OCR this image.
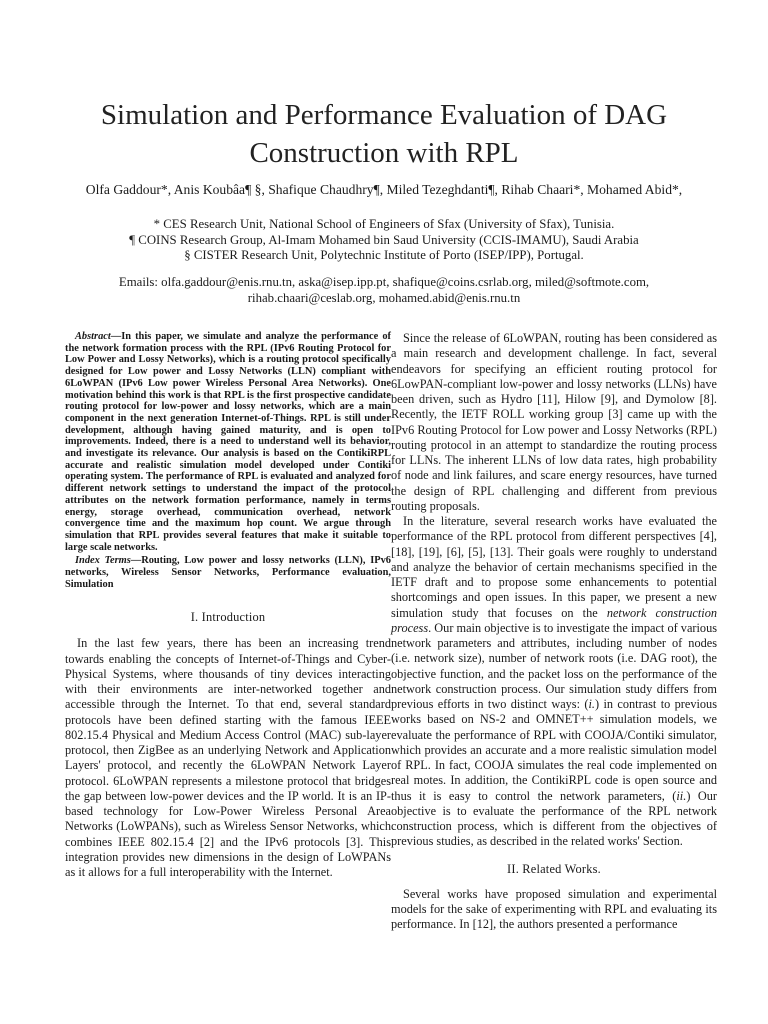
Simulation and Performance Evaluation of DAG
Construction with RPL
Olfa Gaddour*, Anis Koubâa¶ §, Shafique Chaudhry¶, Miled Tezeghdanti¶, Rihab Chaari*, Mohamed Abid*,
* CES Research Unit, National School of Engineers of Sfax (University of Sfax), Tunisia.
¶ COINS Research Group, Al-Imam Mohamed bin Saud University (CCIS-IMAMU), Saudi Arabia
§ CISTER Research Unit, Polytechnic Institute of Porto (ISEP/IPP), Portugal.
Emails: olfa.gaddour@enis.rnu.tn, aska@isep.ipp.pt, shafique@coins.csrlab.org, miled@softmote.com,
rihab.chaari@ceslab.org, mohamed.abid@enis.rnu.tn

Abstract—In this paper, we simulate and analyze the performance of the network formation process with the RPL (IPv6 Routing Protocol for Low Power and Lossy Networks), which is a routing protocol specifically designed for Low power and Lossy Networks (LLN) compliant with 6LoWPAN (IPv6 Low power Wireless Personal Area Networks). One motivation behind this work is that RPL is the first prospective candidate routing protocol for low-power and lossy networks, which are a main component in the next generation Internet-of-Things. RPL is still under development, although having gained maturity, and is open to improvements. Indeed, there is a need to understand well its behavior, and investigate its relevance. Our analysis is based on the ContikiRPL accurate and realistic simulation model developed under Contiki operating system. The performance of RPL is evaluated and analyzed for different network settings to understand the impact of the protocol attributes on the network formation performance, namely in terms energy, storage overhead, communication overhead, network convergence time and the maximum hop count. We argue through simulation that RPL provides several features that make it suitable to large scale networks.

Index Terms—Routing, Low power and lossy networks (LLN), IPv6 networks, Wireless Sensor Networks, Performance evaluation, Simulation

I. Introduction

In the last few years, there has been an increasing trend towards enabling the concepts of Internet-of-Things and Cyber-Physical Systems, where thousands of tiny devices interacting with their environments are inter-networked together and accessible through the Internet. To that end, several standard protocols have been defined starting with the famous IEEE 802.15.4 Physical and Medium Access Control (MAC) sub-layer protocol, then ZigBee as an underlying Network and Application Layers' protocol, and recently the 6LoWPAN Network Layer protocol. 6LoWPAN represents a milestone protocol that bridges the gap between low-power devices and the IP world. It is an IP-based technology for Low-Power Wireless Personal Area Networks (LoWPANs), such as Wireless Sensor Networks, which combines IEEE 802.15.4 [2] and the IPv6 protocols [3]. This integration provides new dimensions in the design of LoWPANs as it allows for a full interoperability with the Internet.

Since the release of 6LoWPAN, routing has been considered as a main research and development challenge. In fact, several endeavors for specifying an efficient routing protocol for 6LowPAN-compliant low-power and lossy networks (LLNs) have been driven, such as Hydro [11], Hilow [9], and Dymolow [8]. Recently, the IETF ROLL working group [3] came up with the IPv6 Routing Protocol for Low power and Lossy Networks (RPL) routing protocol in an attempt to standardize the routing process for LLNs. The inherent LLNs of low data rates, high probability of node and link failures, and scare energy resources, have turned the design of RPL challenging and different from previous routing proposals.

In the literature, several research works have evaluated the performance of the RPL protocol from different perspectives [4], [18], [19], [6], [5], [13]. Their goals were roughly to understand and analyze the behavior of certain mechanisms specified in the IETF draft and to propose some enhancements to potential shortcomings and open issues. In this paper, we present a new simulation study that focuses on the network construction process. Our main objective is to investigate the impact of various network parameters and attributes, including number of nodes (i.e. network size), number of network roots (i.e. DAG root), the objective function, and the packet loss on the performance of the network construction process. Our simulation study differs from previous efforts in two distinct ways: (i.) in contrast to previous works based on NS-2 and OMNET++ simulation models, we evaluate the performance of RPL with COOJA/Contiki simulator, which provides an accurate and a more realistic simulation model of RPL. In fact, COOJA simulates the real code implemented on real motes. In addition, the ContikiRPL code is open source and thus it is easy to control the network parameters, (ii.) Our objective is to evaluate the performance of the RPL network construction process, which is different from the objectives of previous studies, as described in the related works' Section.

II. Related Works.

Several works have proposed simulation and experimental models for the sake of experimenting with RPL and evaluating its performance. In [12], the authors presented a performance
